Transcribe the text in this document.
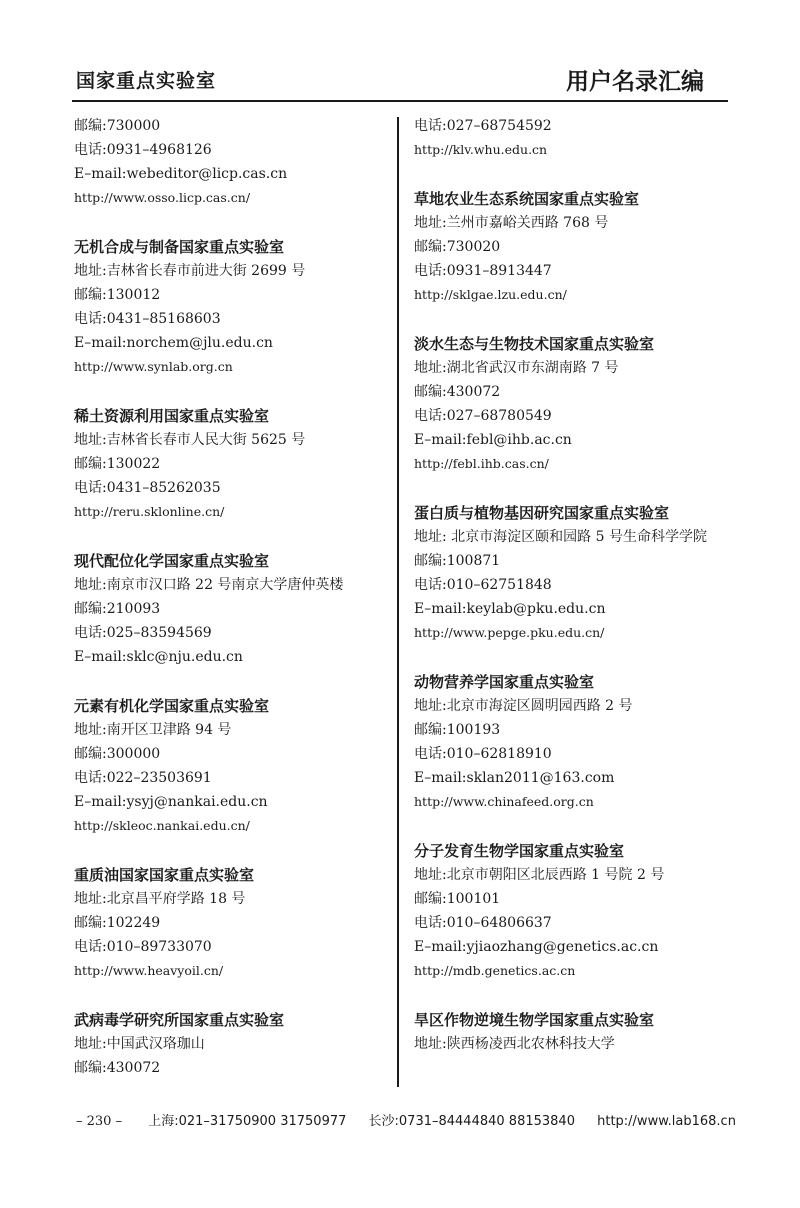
国家重点实验室	用户名录汇编
邮编:730000
电话:0931–4968126
E–mail:webeditor@licp.cas.cn
http://www.osso.licp.cas.cn/
无机合成与制备国家重点实验室
地址:吉林省长春市前进大街 2699 号
邮编:130012
电话:0431–85168603
E–mail:norchem@jlu.edu.cn
http://www.synlab.org.cn
稀土资源利用国家重点实验室
地址:吉林省长春市人民大街 5625 号
邮编:130022
电话:0431–85262035
http://reru.sklonline.cn/
现代配位化学国家重点实验室
地址:南京市汉口路 22 号南京大学唐仲英楼
邮编:210093
电话:025–83594569
E–mail:sklc@nju.edu.cn
元素有机化学国家重点实验室
地址:南开区卫津路 94 号
邮编:300000
电话:022–23503691
E–mail:ysyj@nankai.edu.cn
http://skleoc.nankai.edu.cn/
重质油国家国家重点实验室
地址:北京昌平府学路 18 号
邮编:102249
电话:010–89733070
http://www.heavyoil.cn/
武病毒学研究所国家重点实验室
地址:中国武汉珞珈山
邮编:430072
电话:027–68754592
http://klv.whu.edu.cn
草地农业生态系统国家重点实验室
地址:兰州市嘉峪关西路 768 号
邮编:730020
电话:0931–8913447
http://sklgae.lzu.edu.cn/
淡水生态与生物技术国家重点实验室
地址:湖北省武汉市东湖南路 7 号
邮编:430072
电话:027–68780549
E–mail:febl@ihb.ac.cn
http://febl.ihb.cas.cn/
蛋白质与植物基因研究国家重点实验室
地址: 北京市海淀区颐和园路 5 号生命科学学院
邮编:100871
电话:010–62751848
E–mail:keylab@pku.edu.cn
http://www.pepge.pku.edu.cn/
动物营养学国家重点实验室
地址:北京市海淀区圆明园西路 2 号
邮编:100193
电话:010–62818910
E–mail:sklan2011@163.com
http://www.chinafeed.org.cn
分子发育生物学国家重点实验室
地址:北京市朝阳区北辰西路 1 号院 2 号
邮编:100101
电话:010–64806637
E–mail:yjiaozhang@genetics.ac.cn
http://mdb.genetics.ac.cn
旱区作物逆境生物学国家重点实验室
地址:陕西杨凌西北农林科技大学
– 230 – 上海:021–31750900 31750977 长沙:0731–84444840 88153840 http://www.lab168.cn
